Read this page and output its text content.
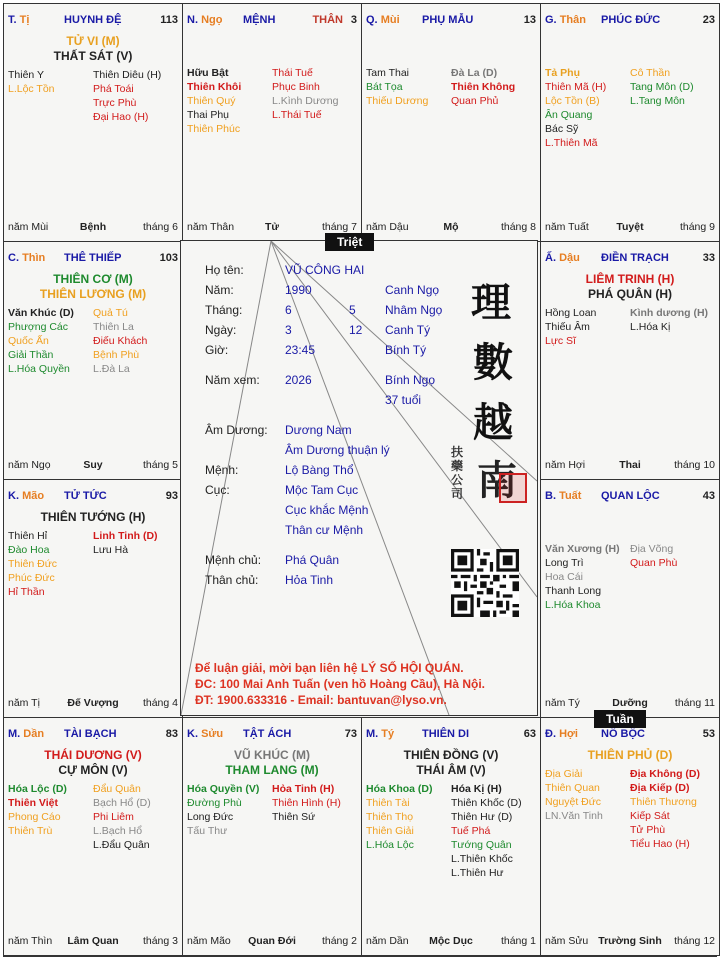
T. Tị	HUYNH ĐỆ	113
TỬ VI (M)
THẤT SÁT (V)
Thiên Y
L.Lộc Tồn
Thiên Diêu (H)
Phá Toái
Trực Phù
Đại Hao (H)
năm Mùi	Bệnh	tháng 6
N. Ngọ MỆNH	THÂN 3
Hữu Bật
Thiên Khôi
Thiên Quý
Thai Phụ
Thiên Phúc
Thái Tuế
Phục Binh
L.Kình Dương
L.Thái Tuế
năm Thân	Tử	tháng 7
Q. Mùi PHỤ MẪU	13
Tam Thai
Bát Tọa
Thiếu Dương
Đà La (D)
Thiên Không
Quan Phủ
năm Dậu	Mộ	tháng 8
G. Thân PHÚC ĐỨC	23
Tả Phụ
Thiên Mã (H)
Lộc Tồn (B)
Ân Quang
Bác Sỹ
L.Thiên Mã
Cô Thần
Tang Môn (D)
L.Tang Môn
năm Tuất	Tuyệt	tháng 9
C. Thìn THÊ THIẾP	103
THIÊN CƠ (M)
THIÊN LƯƠNG (M)
Văn Khúc (D)
Phượng Các
Quốc Ấn
Giải Thần
L.Hóa Quyền
Quả Tú
Thiên La
Điếu Khách
Bệnh Phù
L.Đà La
năm Ngọ	Suy	tháng 5
Ấ. Dậu ĐIỀN TRẠCH	33
LIÊM TRINH (H)
PHÁ QUÂN (H)
Hồng Loan
Thiếu Âm
Lực Sĩ
Kình dương (H)
L.Hóa Kị
năm Hợi	Thai	tháng 10
K. Mão TỬ TỨC	93
THIÊN TƯỚNG (H)
Thiên Hỉ
Đào Hoa
Thiên Đức
Phúc Đức
Hỉ Thần
Linh Tinh (D)
Lưu Hà
năm Tị	Đế Vượng	tháng 4
B. Tuất QUAN LỘC	43
Văn Xương (H)
Long Trì
Hoa Cái
Thanh Long
L.Hóa Khoa
Địa Võng
Quan Phù
năm Tý	Dưỡng	tháng 11
M. Dần TÀI BẠCH	83
THÁI DƯƠNG (V)
CỰ MÔN (V)
Hóa Lộc (D)
Thiên Việt
Phong Cáo
Thiên Trù
Đẩu Quân
Bạch Hổ (D)
Phi Liêm
L.Bạch Hổ
L.Đẩu Quân
năm Thìn	Lâm Quan	tháng 3
K. Sửu TẬT ÁCH	73
VŨ KHÚC (M)
THAM LANG (M)
Hóa Quyền (V)
Đường Phù
Long Đức
Tấu Thư
Hỏa Tinh (H)
Thiên Hình (H)
Thiên Sứ
năm Mão	Quan Đới	tháng 2
M. Tý	THIÊN DI	63
THIÊN ĐỒNG (V)
THÁI ÂM (V)
Hóa Khoa (D)
Thiên Tài
Thiên Thọ
Thiên Giải
L.Hóa Lộc
Hóa Kị (H)
Thiên Khốc (D)
Thiên Hư (D)
Tuế Phá
Tướng Quân
L.Thiên Khốc
L.Thiên Hư
năm Dần	Mộc Dục	tháng 1
Đ. Hợi NÔ BỘC	53
THIÊN PHỦ (D)
Địa Giải
Thiên Quan
Nguyệt Đức
LN.Văn Tinh
Địa Không (D)
Địa Kiếp (D)
Thiên Thương
Kiếp Sát
Tử Phù
Tiểu Hao (H)
năm Sửu Trường Sinh	tháng 12
Họ tên:	VŨ CÔNG HAI
Năm:	1990	Canh Ngọ
Tháng:	6	5 Nhâm Ngọ
Ngày:	3	12 Canh Tý
Giờ:	23:45	Bính Tý
Năm xem: 2026	Bính Ngọ
37 tuổi
Âm Dương: Dương Nam
Âm Dương thuận lý
Mệnh:	Lộ Bàng Thổ
Cục:	Mộc Tam Cục
Cục khắc Mệnh
Thân cư Mệnh
Mệnh chủ: Phá Quân
Thân chủ: Hỏa Tinh
理
數
越
南
扶 藥 公 司
Để luận giải, mời bạn liên hệ LÝ SỐ HỘI QUÁN.
ĐC: 100 Mai Anh Tuấn (ven hồ Hoàng Cầu), Hà Nội.
ĐT: 1900.633316 - Email: bantuvan@lyso.vn.
Triệt
Tuần
